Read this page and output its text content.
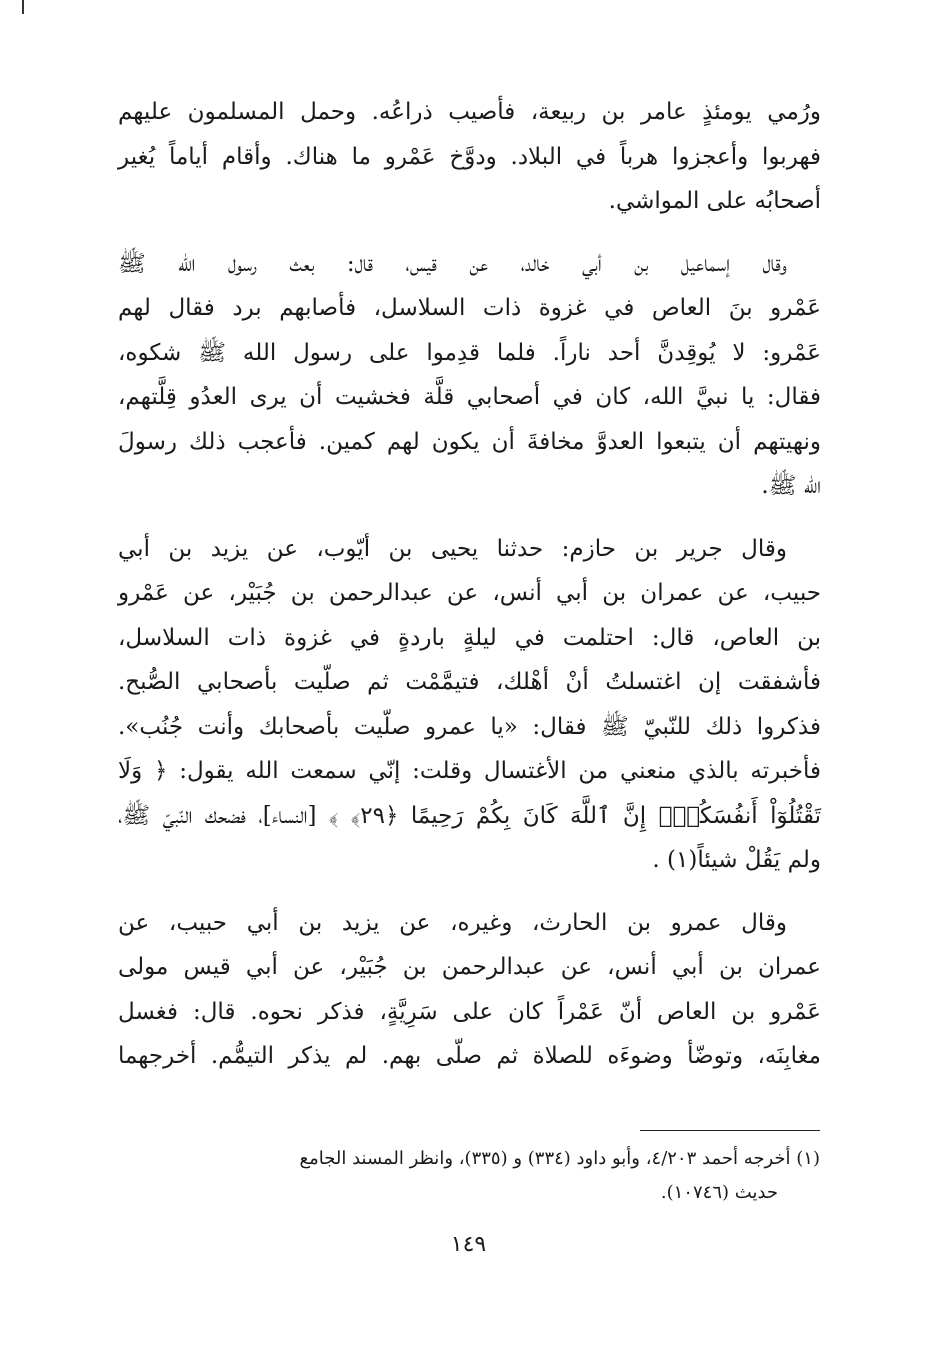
ورُمي يومئذٍ عامر بن ربيعة، فأصيب ذراعُه. وحمل المسلمون عليهم
فهربوا وأعجزوا هرباً في البلاد. ودوَّخ عَمْرو ما هناك. وأقام أياماً يُغير
أصحابُه على المواشي.

وقال إسماعيل بن أبي خالد، عن قيس، قال: بعث رسول الله ﷺ
عَمْرو بنَ العاص في غزوة ذات السلاسل، فأصابهم برد فقال لهم
عَمْرو: لا يُوقِدنَّ أحد ناراً. فلما قدِموا على رسول الله ﷺ شكوه،
فقال: يا نبيَّ الله، كان في أصحابي قلَّة فخشيت أن يرى العدُو قِلَّتهم،
ونهيتهم أن يتبعوا العدوَّ مخافةَ أن يكون لهم كمين. فأعجب ذلك رسولَ
الله ﷺ.

وقال جرير بن حازم: حدثنا يحيى بن أيّوب، عن يزيد بن أبي
حبيب، عن عمران بن أبي أنس، عن عبدالرحمن بن جُبَيْر، عن عَمْرو
بن العاص، قال: احتلمت في ليلةٍ باردةٍ في غزوة ذات السلاسل،
فأشفقت إن اغتسلتُ أنْ أهْلك، فتيمَّمْت ثم صلّيت بأصحابي الصُّبح.
فذكروا ذلك للنّبيّ ﷺ فقال: «يا عمرو صلّيت بأصحابك وأنت جُنُب».
فأخبرته بالذي منعني من الأغتسال وقلت: إنّي سمعت الله يقول: ﴿ وَلَا
تَقْتُلُوٓاْ أَنفُسَكُمْۚ إِنَّ ٱللَّهَ كَانَ بِكُمْ رَحِيمًا ﴿٢٩﴾ ﴾ [النساء]، فضحك النّبيّ ﷺ،
ولم يَقُلْ شيئاً(١) .

وقال عمرو بن الحارث، وغيره، عن يزيد بن أبي حبيب، عن
عمران بن أبي أنس، عن عبدالرحمن بن جُبَيْر، عن أبي قيس مولى
عَمْرو بن العاص أنّ عَمْراً كان على سَرِيَّةٍ، فذكر نحوه. قال: فغسل
مغابِنَه، وتوضّأ وضوءَه للصلاة ثم صلّى بهم. لم يذكر التيمُّم. أخرجهما

(١) أخرجه أحمد ٤/٢٠٣، وأبو داود (٣٣٤) و (٣٣٥)، وانظر المسند الجامع
حديث (١٠٧٤٦).
١٤٩
